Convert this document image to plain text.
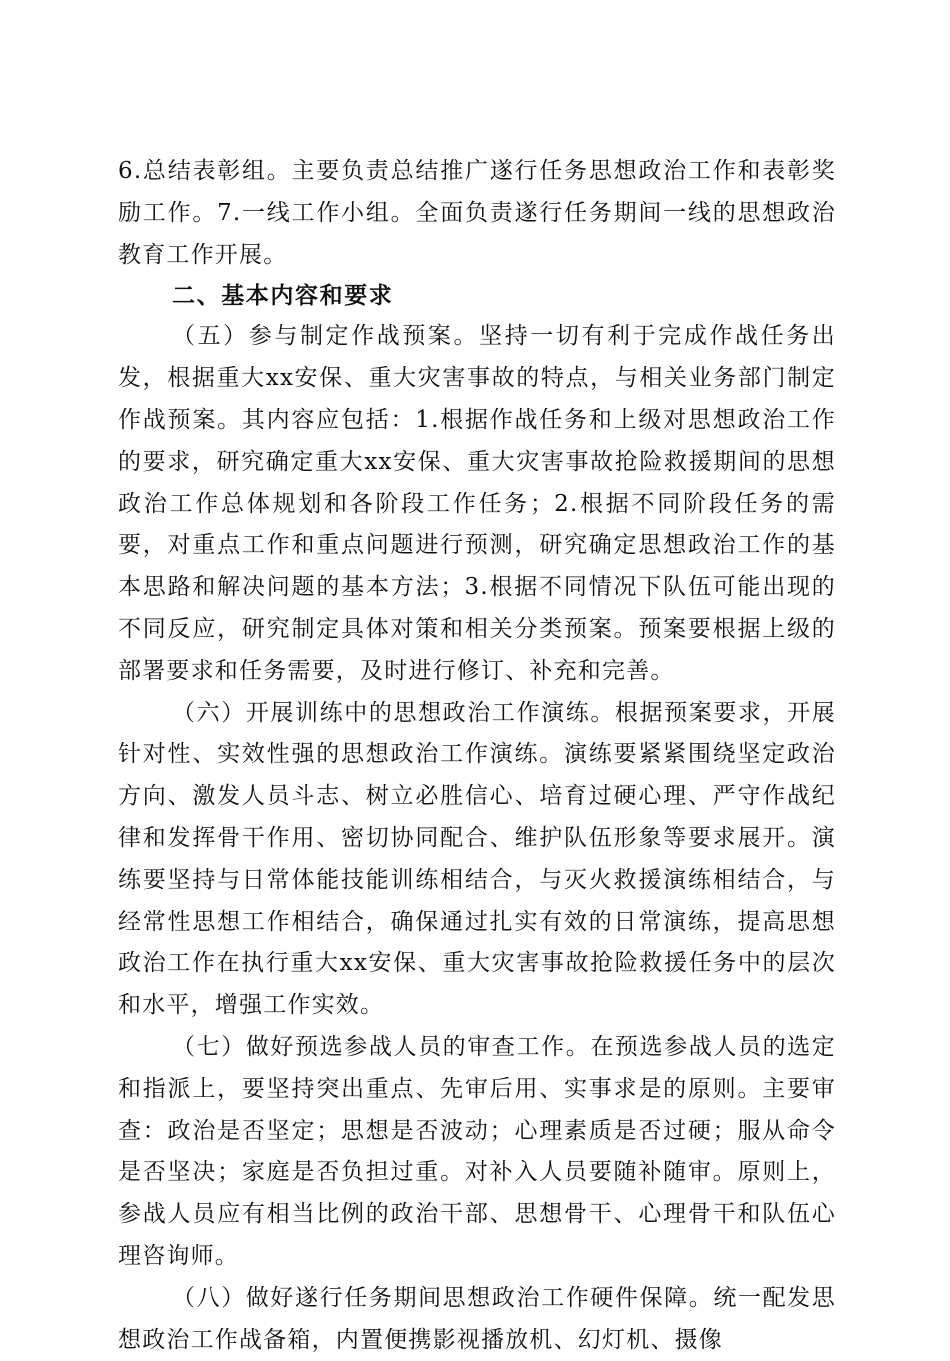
6.总结表彰组。主要负责总结推广遂行任务思想政治工作和表彰奖励工作。7.一线工作小组。全面负责遂行任务期间一线的思想政治教育工作开展。

二、基本内容和要求

（五）参与制定作战预案。坚持一切有利于完成作战任务出发，根据重大xx安保、重大灾害事故的特点，与相关业务部门制定作战预案。其内容应包括：1.根据作战任务和上级对思想政治工作的要求，研究确定重大xx安保、重大灾害事故抢险救援期间的思想政治工作总体规划和各阶段工作任务；2.根据不同阶段任务的需要，对重点工作和重点问题进行预测，研究确定思想政治工作的基本思路和解决问题的基本方法；3.根据不同情况下队伍可能出现的不同反应，研究制定具体对策和相关分类预案。预案要根据上级的部署要求和任务需要，及时进行修订、补充和完善。

（六）开展训练中的思想政治工作演练。根据预案要求，开展针对性、实效性强的思想政治工作演练。演练要紧紧围绕坚定政治方向、激发人员斗志、树立必胜信心、培育过硬心理、严守作战纪律和发挥骨干作用、密切协同配合、维护队伍形象等要求展开。演练要坚持与日常体能技能训练相结合，与灭火救援演练相结合，与经常性思想工作相结合，确保通过扎实有效的日常演练，提高思想政治工作在执行重大xx安保、重大灾害事故抢险救援任务中的层次和水平，增强工作实效。

（七）做好预选参战人员的审查工作。在预选参战人员的选定和指派上，要坚持突出重点、先审后用、实事求是的原则。主要审查：政治是否坚定；思想是否波动；心理素质是否过硬；服从命令是否坚决；家庭是否负担过重。对补入人员要随补随审。原则上，参战人员应有相当比例的政治干部、思想骨干、心理骨干和队伍心理咨询师。

（八）做好遂行任务期间思想政治工作硬件保障。统一配发思想政治工作战备箱，内置便携影视播放机、幻灯机、摄像
